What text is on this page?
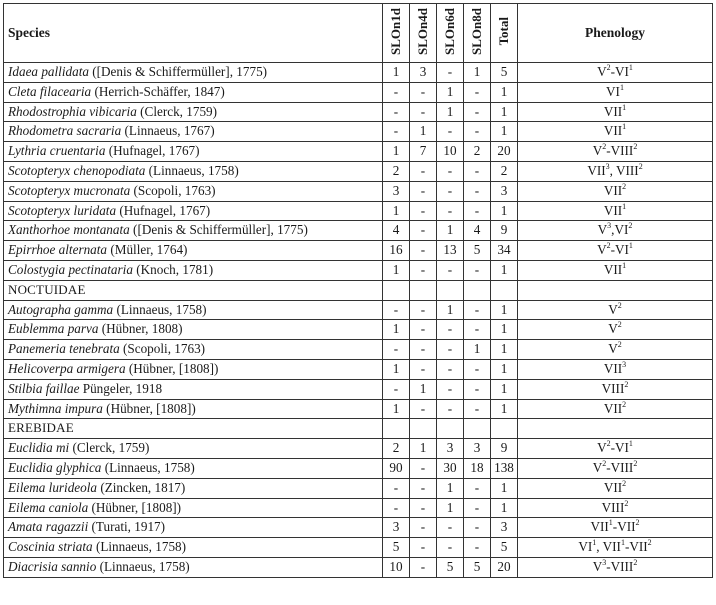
Species	SLOn1d	SLOn4d	SLOn6d	SLOn8d	Total	Phenology
Idaea pallidata ([Denis & Schiffermüller], 1775)	1	3	-	1	5	$V^2-VI^1$
Cleta filacearia (Herrich-Schäffer, 1847)	-	-	1	-	1	$VI^1$
Rhodostrophia vibicaria (Clerck, 1759)	-	-	1	-	1	VII$^1$
Rhodometra sacraria (Linnaeus, 1767)	-	1	-	-	1	VII$^1$
Lythria cruentaria (Hufnagel, 1767)	1	7	10	2	20	$V^2-VIII^2$
Scotopteryx chenopodiata (Linnaeus, 1758)	2	-	-	-	2	VII$^3$, VIII$^2$
Scotopteryx mucronata (Scopoli, 1763)	3	-	-	-	3	VII$^2$
Scotopteryx luridata (Hufnagel, 1767)	1	-	-	-	1	VII$^1$
Xanthorhoe montanata ([Denis & Schiffermüller], 1775)	4	-	1	4	9	$V^3,VI^2$
Epirrhoe alternata (Müller, 1764)	16	-	13	5	34	$V^2-VI^1$
Colostygia pectinataria (Knoch, 1781)	1	-	-	-	1	VII$^1$
NOCTUIDAE						
Autographa gamma (Linnaeus, 1758)	-	-	1	-	1	$V^2$
Eublemma parva (Hübner, 1808)	1	-	-	-	1	$V^2$
Panemeria tenebrata (Scopoli, 1763)	-	-	-	1	1	$V^2$
Helicoverpa armigera (Hübner, [1808])	1	-	-	-	1	VII$^3$
Stilbia faillae Püngeler, 1918	-	1	-	-	1	VIII$^2$
Mythimna impura (Hübner, [1808])	1	-	-	-	1	VII$^2$
EREBIDAE						
Euclidia mi (Clerck, 1759)	2	1	3	3	9	$V^2-VI^1$
Euclidia glyphica (Linnaeus, 1758)	90	-	30	18	138	$V^2-VIII^2$
Eilema lurideola (Zincken, 1817)	-	-	1	-	1	VII$^2$
Eilema caniola (Hübner, [1808])	-	-	1	-	1	VIII$^2$
Amata ragazzii (Turati, 1917)	3	-	-	-	3	VII$^1$-VII$^2$
Coscinia striata (Linnaeus, 1758)	5	-	-	-	5	$VI^1$, VII$^1$-VII$^2$
Diacrisia sannio (Linnaeus, 1758)	10	-	5	5	20	$V^3-VIII^2$
